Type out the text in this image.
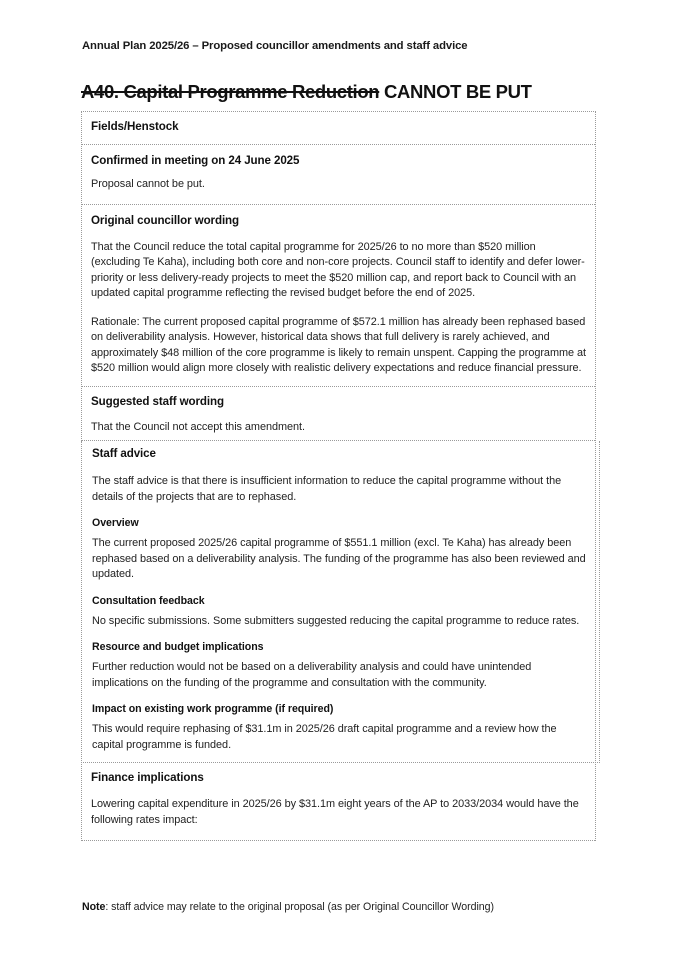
Annual Plan 2025/26 – Proposed councillor amendments and staff advice
A40. Capital Programme Reduction CANNOT BE PUT
Fields/Henstock
Confirmed in meeting on 24 June 2025

Proposal cannot be put.

Original councillor wording

That the Council reduce the total capital programme for 2025/26 to no more than $520 million (excluding Te Kaha), including both core and non-core projects. Council staff to identify and defer lower-priority or less delivery-ready projects to meet the $520 million cap, and report back to Council with an updated capital programme reflecting the revised budget before the end of 2025.

Rationale: The current proposed capital programme of $572.1 million has already been rephased based on deliverability analysis. However, historical data shows that full delivery is rarely achieved, and approximately $48 million of the core programme is likely to remain unspent. Capping the programme at $520 million would align more closely with realistic delivery expectations and reduce financial pressure.

Suggested staff wording

That the Council not accept this amendment.

Staff advice

The staff advice is that there is insufficient information to reduce the capital programme without the details of the projects that are to rephased.

Overview

The current proposed 2025/26 capital programme of $551.1 million (excl. Te Kaha) has already been rephased based on a deliverability analysis. The funding of the programme has also been reviewed and updated.

Consultation feedback

No specific submissions. Some submitters suggested reducing the capital programme to reduce rates.

Resource and budget implications

Further reduction would not be based on a deliverability analysis and could have unintended implications on the funding of the programme and consultation with the community.

Impact on existing work programme (if required)

This would require rephasing of $31.1m in 2025/26 draft capital programme and a review how the capital programme is funded.

Finance implications

Lowering capital expenditure in 2025/26 by $31.1m eight years of the AP to 2033/2034 would have the following rates impact:

Note: staff advice may relate to the original proposal (as per Original Councillor Wording)
